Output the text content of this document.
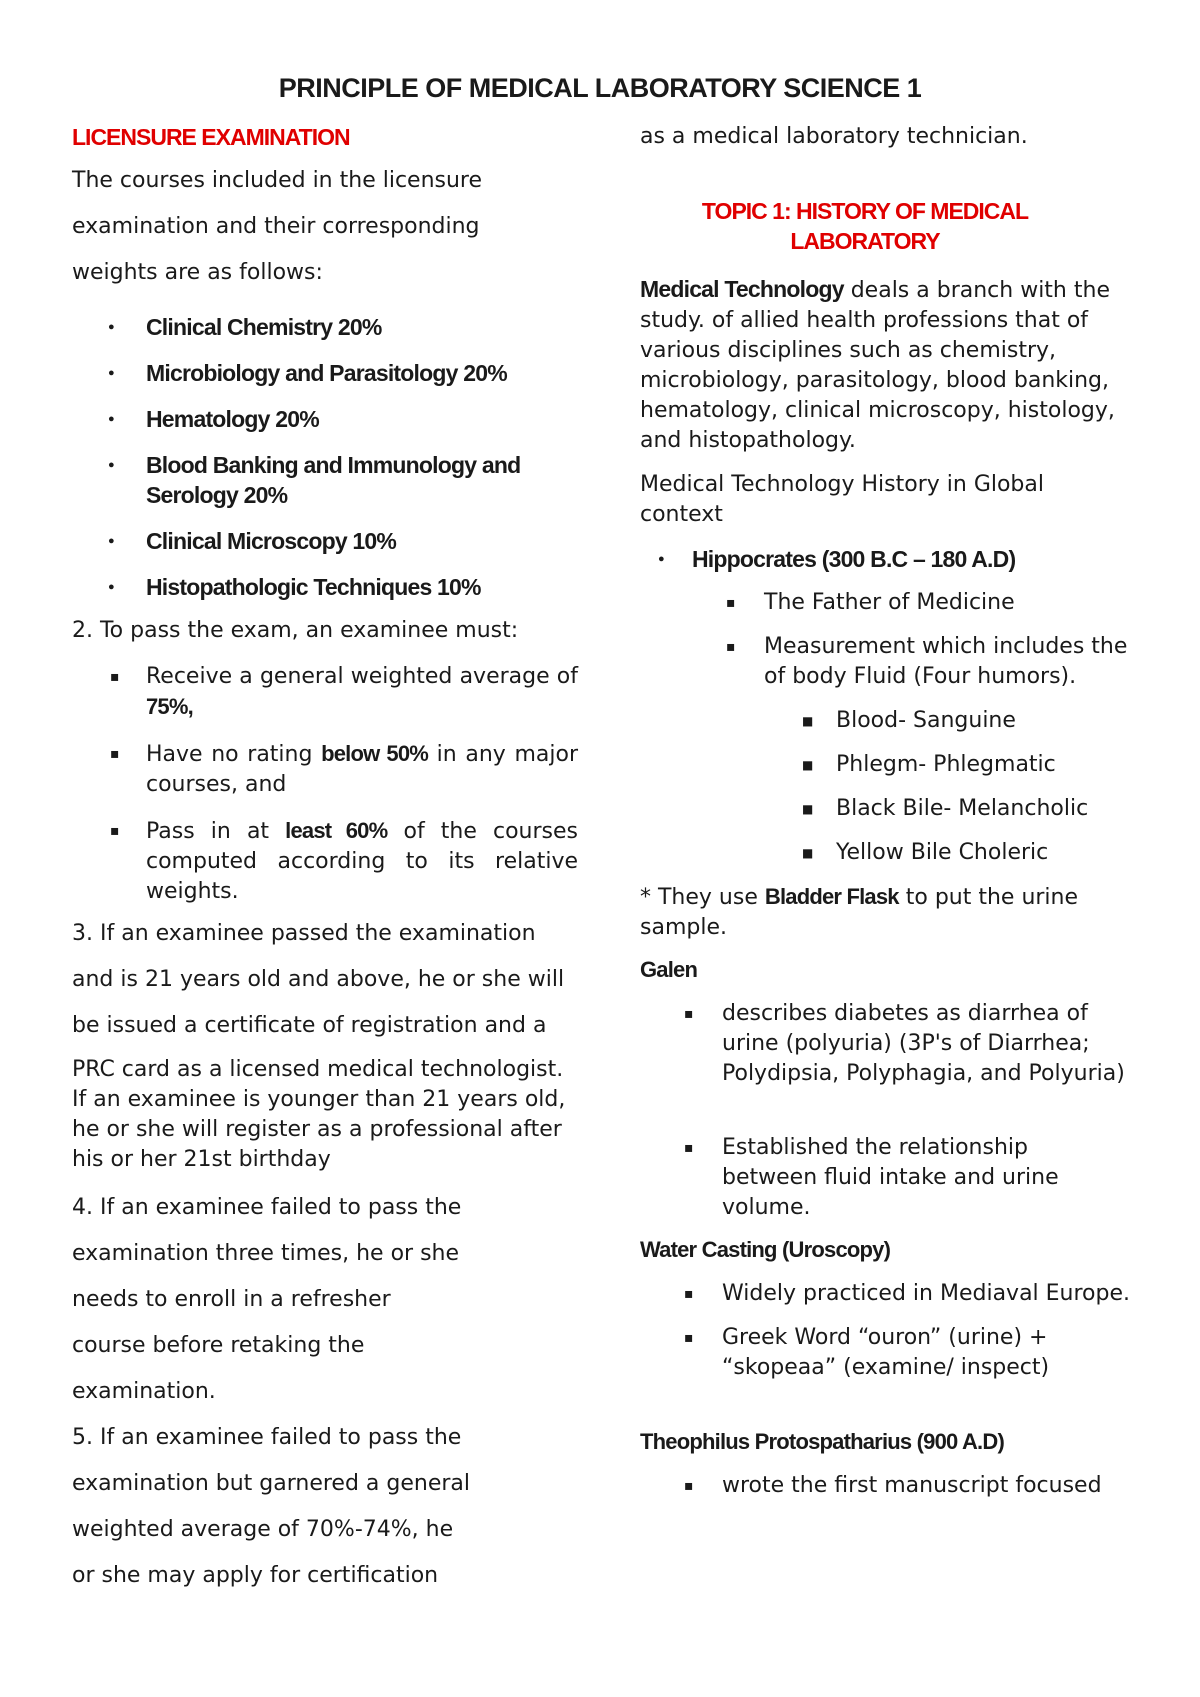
PRINCIPLE OF MEDICAL LABORATORY SCIENCE 1

LICENSURE EXAMINATION

The courses included in the licensure
examination and their corresponding
weights are as follows:
● Clinical Chemistry 20%
● Microbiology and Parasitology 20%
● Hematology 20%
● Blood Banking and Immunology and Serology 20%
● Clinical Microscopy 10%
● Histopathologic Techniques 10%

2. To pass the exam, an examinee must:

▪ Receive a general weighted average of 75%,
▪ Have no rating below 50% in any major courses, and
▪ Pass in at least 60% of the courses computed according to its relative weights.
3. If an examinee passed the examination
and is 21 years old and above, he or she will
be issued a certificate of registration and a

PRC card as a licensed medical technologist. If an examinee is younger than 21 years old, he or she will register as a professional after his or her 21st birthday

4. If an examinee failed to pass the
examination three times, he or she
needs to enroll in a refresher
course before retaking the
examination.
5. If an examinee failed to pass the
examination but garnered a general
weighted average of 70%-74%, he
or she may apply for certification

as a medical laboratory technician.

TOPIC 1: HISTORY OF MEDICAL
LABORATORY

Medical Technology deals a branch with the study. of allied health professions that of various disciplines such as chemistry, microbiology, parasitology, blood banking, hematology, clinical microscopy, histology, and histopathology.

Medical Technology History in Global context

● Hippocrates (300 B.C – 180 A.D)
▪ The Father of Medicine
▪ Measurement which includes the of body Fluid (Four humors).
■ Blood- Sanguine
■ Phlegm- Phlegmatic
■ Black Bile- Melancholic
■ Yellow Bile Choleric

* They use Bladder Flask to put the urine sample.

Galen

▪ describes diabetes as diarrhea of urine (polyuria) (3P's of Diarrhea; Polydipsia, Polyphagia, and Polyuria)
▪ Established the relationship between fluid intake and urine volume.

Water Casting (Uroscopy)

▪ Widely practiced in Mediaval Europe.
▪ Greek Word “ouron” (urine) + “skopeaa” (examine/ inspect)

Theophilus Protospatharius (900 A.D)

▪ wrote the first manuscript focused
